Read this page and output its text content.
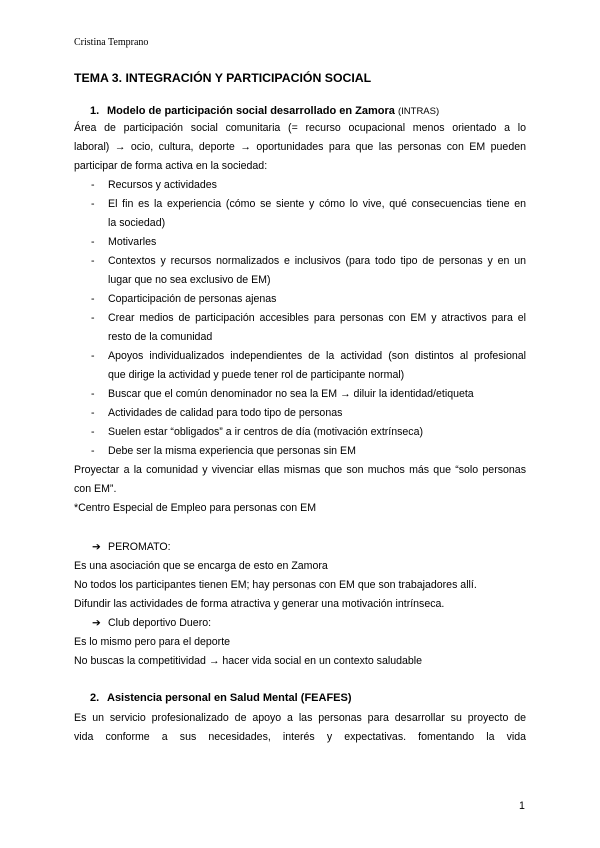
Cristina Temprano
TEMA 3. INTEGRACIÓN Y PARTICIPACIÓN SOCIAL
1. Modelo de participación social desarrollado en Zamora (INTRAS)
Área de participación social comunitaria (= recurso ocupacional menos orientado a lo
laboral) → ocio, cultura, deporte → oportunidades para que las personas con EM pueden
participar de forma activa en la sociedad:
- Recursos y actividades
- El fin es la experiencia (cómo se siente y cómo lo vive, qué consecuencias tiene en
la sociedad)
- Motivarles
- Contextos y recursos normalizados e inclusivos (para todo tipo de personas y en un
lugar que no sea exclusivo de EM)
- Coparticipación de personas ajenas
- Crear medios de participación accesibles para personas con EM y atractivos para el
resto de la comunidad
- Apoyos individualizados independientes de la actividad (son distintos al profesional
que dirige la actividad y puede tener rol de participante normal)
- Buscar que el común denominador no sea la EM → diluir la identidad/etiqueta
- Actividades de calidad para todo tipo de personas
- Suelen estar “obligados” a ir centros de día (motivación extrínseca)
- Debe ser la misma experiencia que personas sin EM
Proyectar a la comunidad y vivenciar ellas mismas que son muchos más que “solo personas
con EM”.
*Centro Especial de Empleo para personas con EM
➔ PEROMATO:
Es una asociación que se encarga de esto en Zamora
No todos los participantes tienen EM; hay personas con EM que son trabajadores allí.
Difundir las actividades de forma atractiva y generar una motivación intrínseca.
➔ Club deportivo Duero:
Es lo mismo pero para el deporte
No buscas la competitividad → hacer vida social en un contexto saludable
2. Asistencia personal en Salud Mental (FEAFES)
Es un servicio profesionalizado de apoyo a las personas para desarrollar su proyecto de
vida conforme a sus necesidades, interés y expectativas. fomentando la vida
1
